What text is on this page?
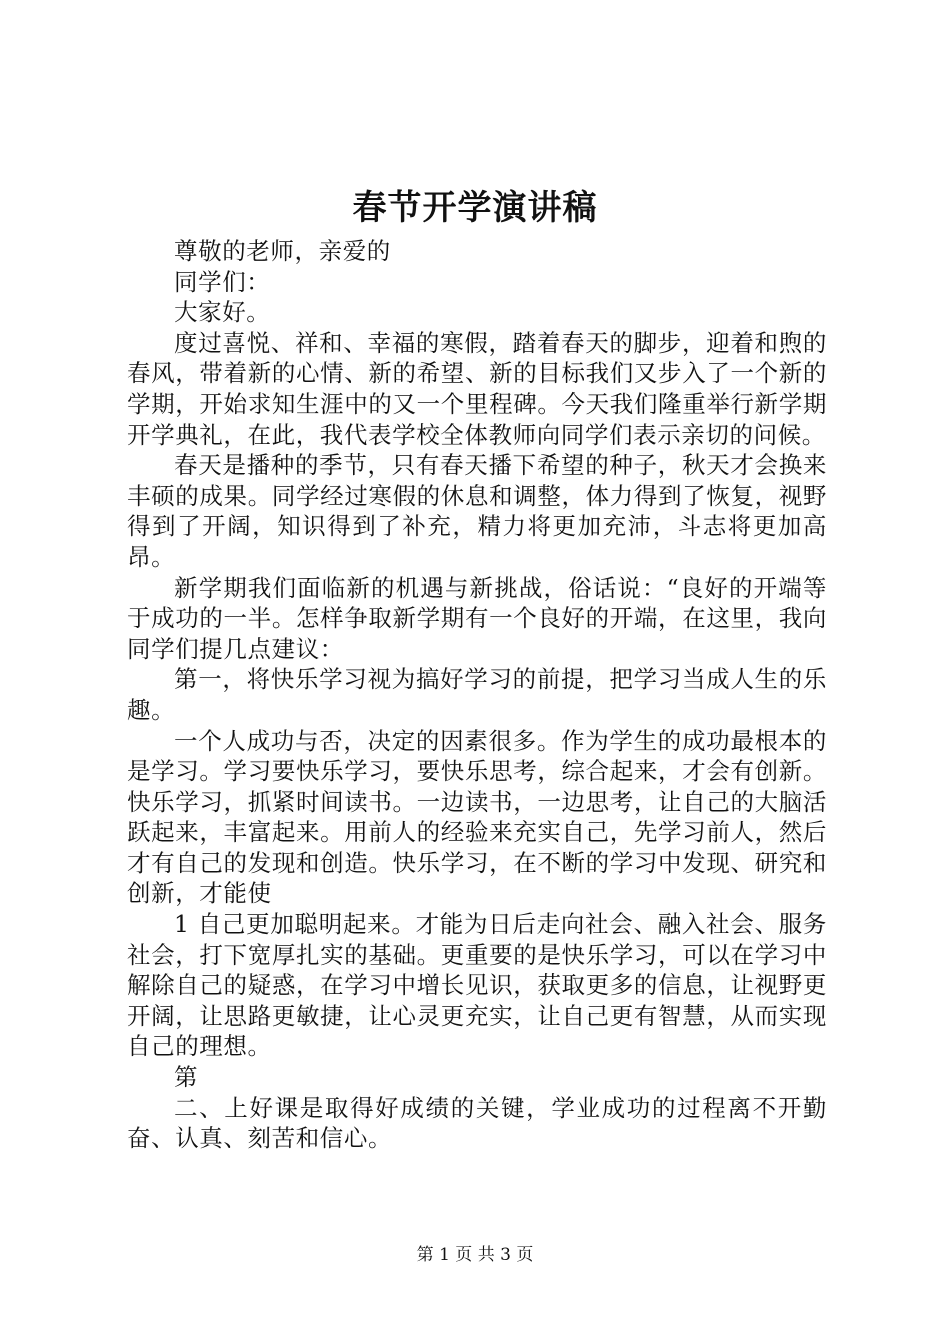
春节开学演讲稿

尊敬的老师，亲爱的

同学们：

大家好。

度过喜悦、祥和、幸福的寒假，踏着春天的脚步，迎着和煦的春风，带着新的心情、新的希望、新的目标我们又步入了一个新的学期，开始求知生涯中的又一个里程碑。今天我们隆重举行新学期开学典礼，在此，我代表学校全体教师向同学们表示亲切的问候。

春天是播种的季节，只有春天播下希望的种子，秋天才会换来丰硕的成果。同学经过寒假的休息和调整，体力得到了恢复，视野得到了开阔，知识得到了补充，精力将更加充沛，斗志将更加高昂。

新学期我们面临新的机遇与新挑战，俗话说：“良好的开端等于成功的一半。怎样争取新学期有一个良好的开端，在这里，我向同学们提几点建议：

第一，将快乐学习视为搞好学习的前提，把学习当成人生的乐趣。

一个人成功与否，决定的因素很多。作为学生的成功最根本的是学习。学习要快乐学习，要快乐思考，综合起来，才会有创新。快乐学习，抓紧时间读书。一边读书，一边思考，让自己的大脑活跃起来，丰富起来。用前人的经验来充实自己，先学习前人，然后才有自己的发现和创造。快乐学习，在不断的学习中发现、研究和创新，才能使

1 自己更加聪明起来。才能为日后走向社会、融入社会、服务社会，打下宽厚扎实的基础。更重要的是快乐学习，可以在学习中解除自己的疑惑，在学习中增长见识，获取更多的信息，让视野更开阔，让思路更敏捷，让心灵更充实，让自己更有智慧，从而实现自己的理想。

第

二、上好课是取得好成绩的关键，学业成功的过程离不开勤奋、认真、刻苦和信心。

第 1 页 共 3 页
